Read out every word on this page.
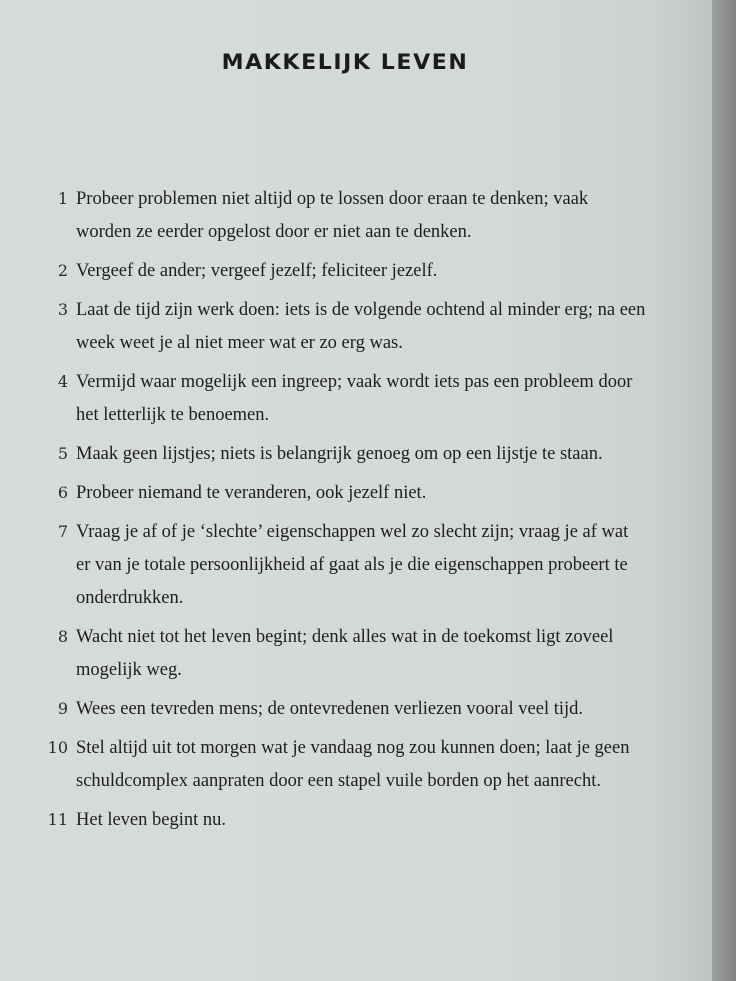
MAKKELIJK LEVEN
1 Probeer problemen niet altijd op te lossen door eraan te denken; vaak worden ze eerder opgelost door er niet aan te denken.
2 Vergeef de ander; vergeef jezelf; feliciteer jezelf.
3 Laat de tijd zijn werk doen: iets is de volgende ochtend al minder erg; na een week weet je al niet meer wat er zo erg was.
4 Vermijd waar mogelijk een ingreep; vaak wordt iets pas een probleem door het letterlijk te benoemen.
5 Maak geen lijstjes; niets is belangrijk genoeg om op een lijstje te staan.
6 Probeer niemand te veranderen, ook jezelf niet.
7 Vraag je af of je ‘slechte’ eigenschappen wel zo slecht zijn; vraag je af wat er van je totale persoonlijkheid af gaat als je die eigenschappen probeert te onderdrukken.
8 Wacht niet tot het leven begint; denk alles wat in de toekomst ligt zoveel mogelijk weg.
9 Wees een tevreden mens; de ontevredenen verliezen vooral veel tijd.
10 Stel altijd uit tot morgen wat je vandaag nog zou kunnen doen; laat je geen schuldcomplex aanpraten door een stapel vuile borden op het aanrecht.
11 Het leven begint nu.
